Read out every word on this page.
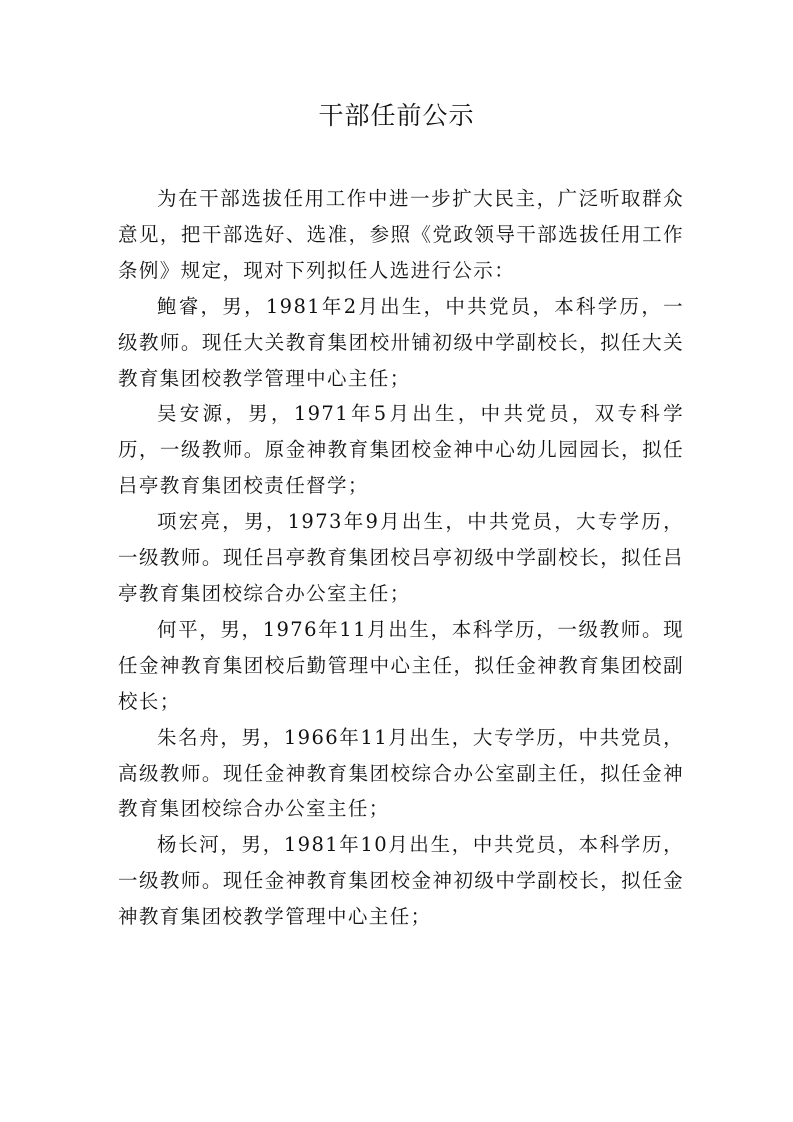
干部任前公示

为在干部选拔任用工作中进一步扩大民主，广泛听取群众意见，把干部选好、选准，参照《党政领导干部选拔任用工作条例》规定，现对下列拟任人选进行公示：

鲍睿，男，1981年2月出生，中共党员，本科学历，一级教师。现任大关教育集团校卅铺初级中学副校长，拟任大关教育集团校教学管理中心主任；

吴安源，男，1971年5月出生，中共党员，双专科学历，一级教师。原金神教育集团校金神中心幼儿园园长，拟任吕亭教育集团校责任督学；

项宏亮，男，1973年9月出生，中共党员，大专学历，一级教师。现任吕亭教育集团校吕亭初级中学副校长，拟任吕亭教育集团校综合办公室主任；

何平，男，1976年11月出生，本科学历，一级教师。现任金神教育集团校后勤管理中心主任，拟任金神教育集团校副校长；

朱名舟，男，1966年11月出生，大专学历，中共党员，高级教师。现任金神教育集团校综合办公室副主任，拟任金神教育集团校综合办公室主任；

杨长河，男，1981年10月出生，中共党员，本科学历，一级教师。现任金神教育集团校金神初级中学副校长，拟任金神教育集团校教学管理中心主任；
